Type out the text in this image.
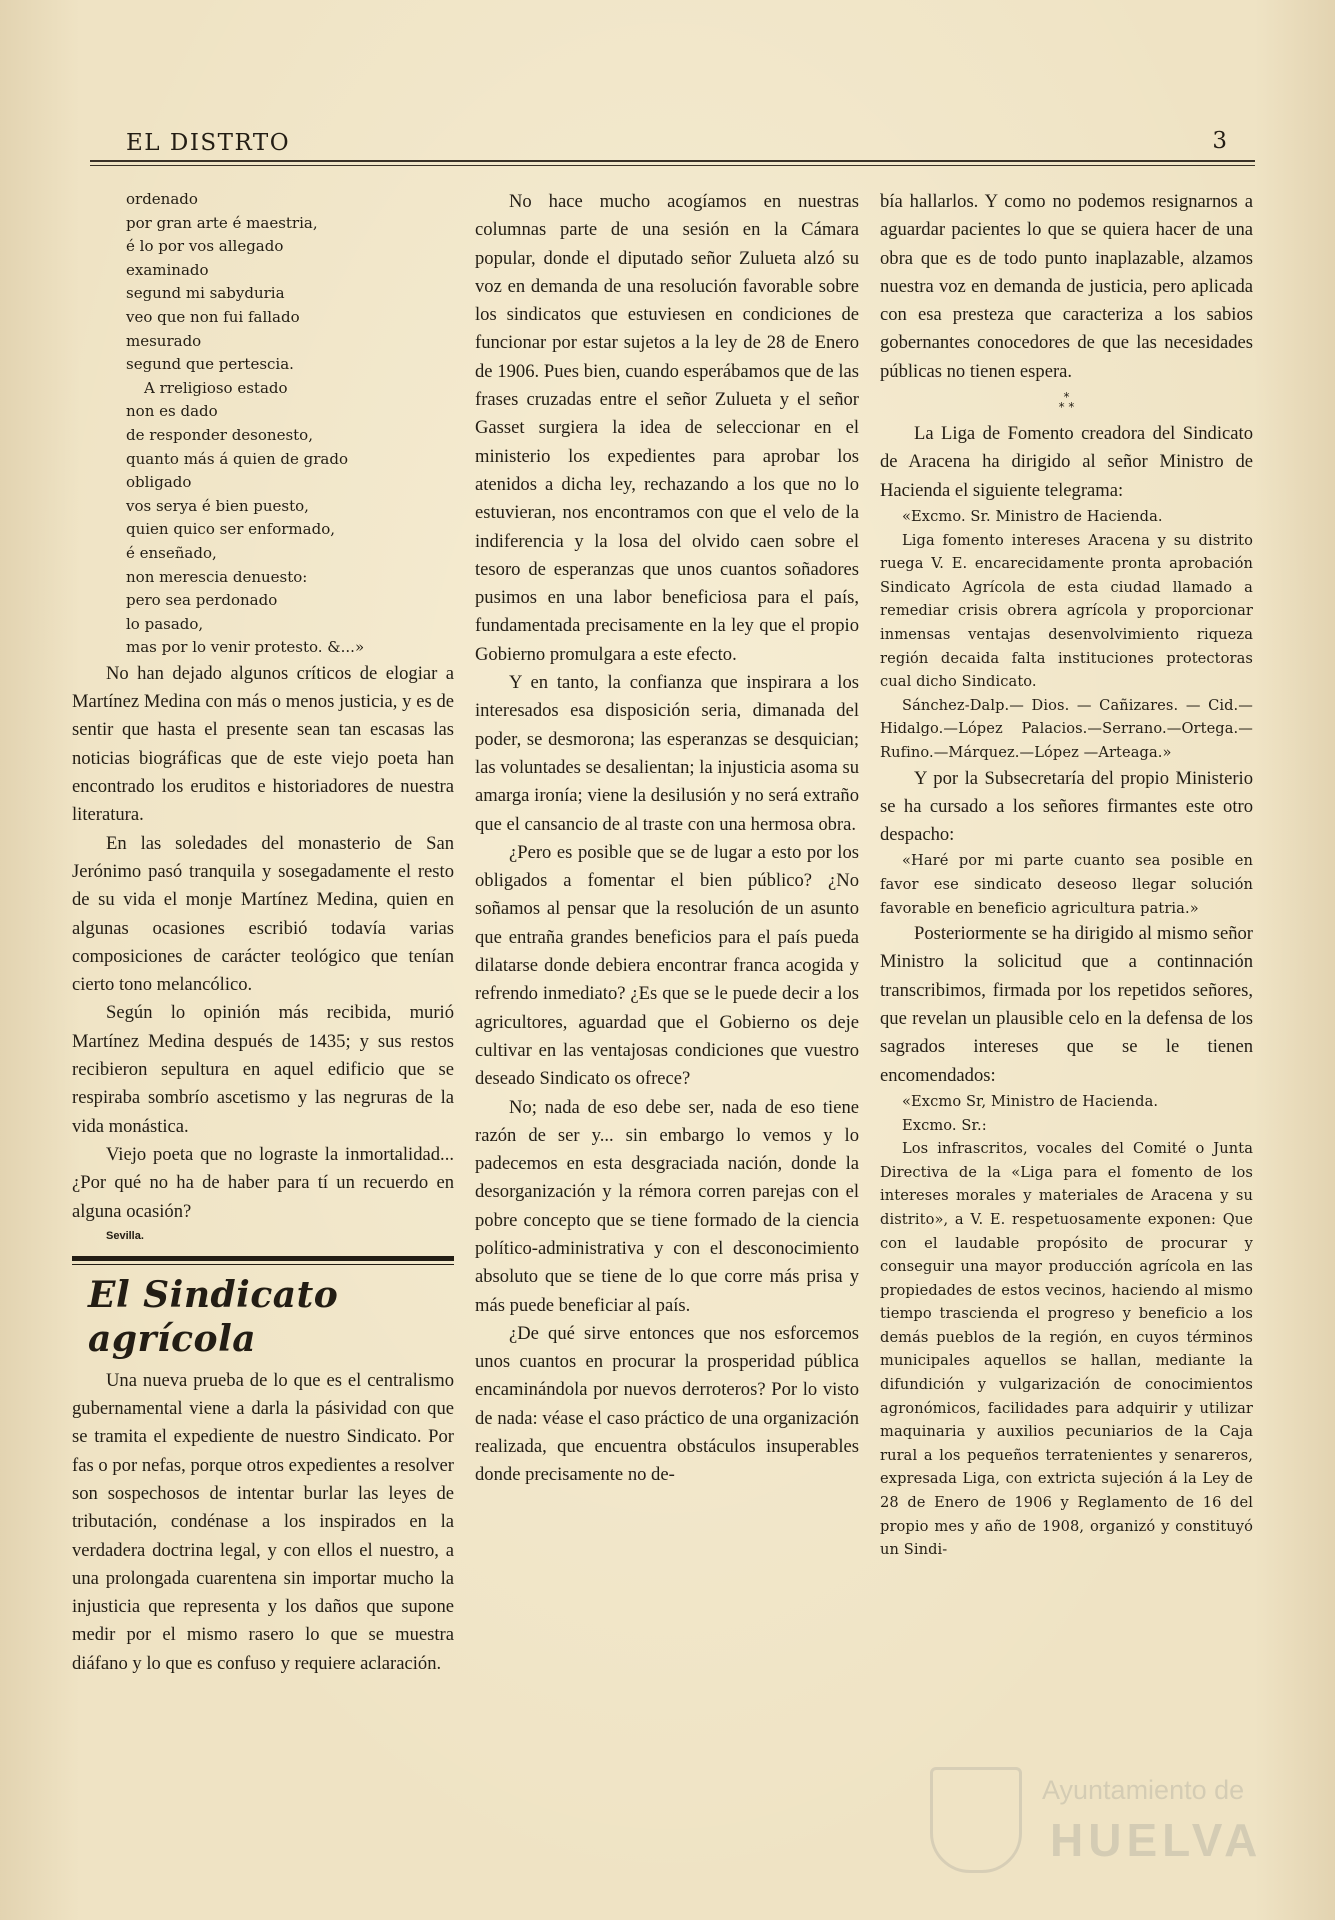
EL DISTRTO	3
ordenado
por gran arte é maestria,
é lo por vos allegado
examinado
segund mi sabyduria
veo que non fui fallado
mesurado
segund que pertescia.
A rreligioso estado
non es dado
de responder desonesto,
quanto más á quien de grado
obligado
vos serya é bien puesto,
quien quico ser enformado,
é enseñado,
non merescia denuesto:
pero sea perdonado
lo pasado,
mas por lo venir protesto. &...»

No han dejado algunos críticos de elogiar a Martínez Medina con más o menos justicia, y es de sentir que hasta el presente sean tan escasas las noticias biográficas que de este viejo poeta han encontrado los eruditos e historiadores de nuestra literatura.

En las soledades del monasterio de San Jerónimo pasó tranquila y sosegadamente el resto de su vida el monje Martínez Medina, quien en algunas ocasiones escribió todavía varias composiciones de carácter teológico que tenían cierto tono melancólico.

Según lo opinión más recibida, murió Martínez Medina después de 1435; y sus restos recibieron sepultura en aquel edificio que se respiraba sombrío ascetismo y las negruras de la vida monástica.

Viejo poeta que no lograste la inmortalidad... ¿Por qué no ha de haber para tí un recuerdo en alguna ocasión?

Sevilla.
El Sindicato agrícola

Una nueva prueba de lo que es el centralismo gubernamental viene a darla la pásividad con que se tramita el expediente de nuestro Sindicato. Por fas o por nefas, porque otros expedientes a resolver son sospechosos de intentar burlar las leyes de tributación, condénase a los inspirados en la verdadera doctrina legal, y con ellos el nuestro, a una prolongada cuarentena sin importar mucho la injusticia que representa y los daños que supone medir por el mismo rasero lo que se muestra diáfano y lo que es confuso y requiere aclaración.

No hace mucho acogíamos en nuestras columnas parte de una sesión en la Cámara popular, donde el diputado señor Zulueta alzó su voz en demanda de una resolución favorable sobre los sindicatos que estuviesen en condiciones de funcionar por estar sujetos a la ley de 28 de Enero de 1906. Pues bien, cuando esperábamos que de las frases cruzadas entre el señor Zulueta y el señor Gasset surgiera la idea de seleccionar en el ministerio los expedientes para aprobar los atenidos a dicha ley, rechazando a los que no lo estuvieran, nos encontramos con que el velo de la indiferencia y la losa del olvido caen sobre el tesoro de esperanzas que unos cuantos soñadores pusimos en una labor beneficiosa para el país, fundamentada precisamente en la ley que el propio Gobierno promulgara a este efecto.

Y en tanto, la confianza que inspirara a los interesados esa disposición seria, dimanada del poder, se desmorona; las esperanzas se desquician; las voluntades se desalientan; la injusticia asoma su amarga ironía; viene la desilusión y no será extraño que el cansancio de al traste con una hermosa obra.

¿Pero es posible que se de lugar a esto por los obligados a fomentar el bien público? ¿No soñamos al pensar que la resolución de un asunto que entraña grandes beneficios para el país pueda dilatarse donde debiera encontrar franca acogida y refrendo inmediato? ¿Es que se le puede decir a los agricultores, aguardad que el Gobierno os deje cultivar en las ventajosas condiciones que vuestro deseado Sindicato os ofrece?

No; nada de eso debe ser, nada de eso tiene razón de ser y... sin embargo lo vemos y lo padecemos en esta desgraciada nación, donde la desorganización y la rémora corren parejas con el pobre concepto que se tiene formado de la ciencia político-administrativa y con el desconocimiento absoluto que se tiene de lo que corre más prisa y más puede beneficiar al país.

¿De qué sirve entonces que nos esforcemos unos cuantos en procurar la prosperidad pública encaminándola por nuevos derroteros? Por lo visto de nada: véase el caso práctico de una organización realizada, que encuentra obstáculos insuperables donde precisamente no de-

bía hallarlos. Y como no podemos resignarnos a aguardar pacientes lo que se quiera hacer de una obra que es de todo punto inaplazable, alzamos nuestra voz en demanda de justicia, pero aplicada con esa presteza que caracteriza a los sabios gobernantes conocedores de que las necesidades públicas no tienen espera.

*
* *

La Liga de Fomento creadora del Sindicato de Aracena ha dirigido al señor Ministro de Hacienda el siguiente telegrama:

«Excmo. Sr. Ministro de Hacienda.

Liga fomento intereses Aracena y su distrito ruega V. E. encarecidamente pronta aprobación Sindicato Agrícola de esta ciudad llamado a remediar crisis obrera agrícola y proporcionar inmensas ventajas desenvolvimiento riqueza región decaida falta instituciones protectoras cual dicho Sindicato.

Sánchez-Dalp.— Dios. — Cañizares. — Cid.—Hidalgo.—López Palacios.—Serrano.—Ortega.—Rufino.—Márquez.—López —Arteaga.»

Y por la Subsecretaría del propio Ministerio se ha cursado a los señores firmantes este otro despacho:

«Haré por mi parte cuanto sea posible en favor ese sindicato deseoso llegar solución favorable en beneficio agricultura patria.»

Posteriormente se ha dirigido al mismo señor Ministro la solicitud que a continnación transcribimos, firmada por los repetidos señores, que revelan un plausible celo en la defensa de los sagrados intereses que se le tienen encomendados:

«Excmo Sr, Ministro de Hacienda.

Excmo. Sr.:

Los infrascritos, vocales del Comité o Junta Directiva de la «Liga para el fomento de los intereses morales y materiales de Aracena y su distrito», a V. E. respetuosamente exponen: Que con el laudable propósito de procurar y conseguir una mayor producción agrícola en las propiedades de estos vecinos, haciendo al mismo tiempo trascienda el progreso y beneficio a los demás pueblos de la región, en cuyos términos municipales aquellos se hallan, mediante la difundición y vulgarización de conocimientos agronómicos, facilidades para adquirir y utilizar maquinaria y auxilios pecuniarios de la Caja rural a los pequeños terratenientes y senareros, expresada Liga, con extricta sujeción á la Ley de 28 de Enero de 1906 y Reglamento de 16 del propio mes y año de 1908, organizó y constituyó un Sindi-

Ayuntamiento de
HUELVA
